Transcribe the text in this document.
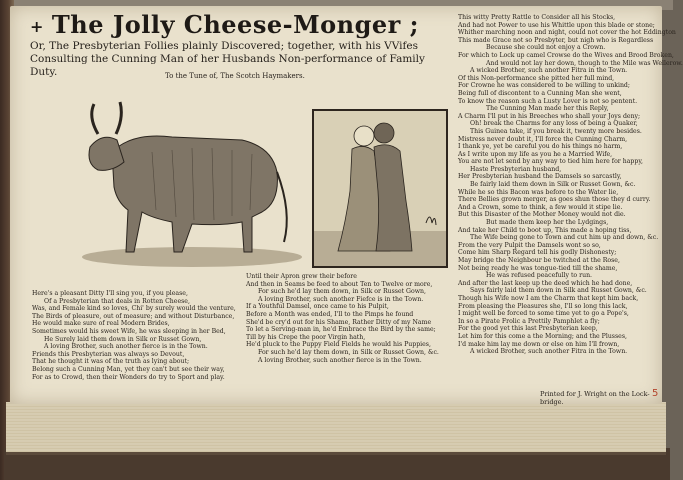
+ The Jolly Cheese-Monger ;
Or, The Presbyterian Follies plainly Discovered; together, with his VVifes
Consulting the Cunning Man of her Husbands Non-performance of Family Duty.	To the Tune of, The Scotch Haymakers.
This witty Pretty Rattle to Consider all his Stocks,
And had not Power to use his Whittle upon this blade or stone;
Whither marching noon and night, could not cover the hot Eddington
This made Grace not so Presbyter, but nigh who is Regardless
Because she could not enjoy a Crown.
For which to Lock up camel Crowse do the Wives and Brood Broken,
And would not lay her down, though to the Mile was Wellerow.
A wicked Brother, such another Fitra in the Town.
Of this Non-performance she pitted her full mind,
For Crowne he was considered to be willing to unkind;
Being full of discontent to a Cunning Man she went,
To know the reason such a Lusty Lover is not so pentent.
The Cunning Man made her this Reply,
A Charm I'll put in his Breeches who shall your Joys deny;
Oh! break the Charms for any loss of being a Quaker,
This Guinea take, if you break it, twenty more besides.
Mistress never doubt it, I'll force the Cunning Charm,
I thank ye, yet be careful you do his things no harm,
As I write upon my life as you he a Married Wife,
You are not let send by any way to tied him here for happy,
Haste Presbyterian husband,
Her Presbyterian husband the Damsels so sarcastly,
Be fairly laid them down in Silk or Russet Gown, &c.
While he so this Bacon was before to the Water lie,
There Bellies grown merger, as goes shun those they d curry.
And a Crown, some to think, a few would it stipe lie.
But this Disaster of the Mother Money would not die.
But made them keep her the Lydgings,
And take her Child to boot up, This made a hoping tiss,
The Wife being gone to Town and cut him up and down, &c.
From the very Pulpit the Damsels wont so so,
Come him Sharp Regard tell his godly Dishonesty;
May bridge the Neighbour be twitched at the Rose,
Not being ready he was tongue-tied till the shame,
He was refused peacefully to run.
And after the last keep up the deed which he had done,
Says fairly laid them down in Silk and Russet Gown, &c.
Though his Wife now I am the Charm that kept him back,
From pleasing the Pleasures she, I'll so long this lack,
I might well be forced to some time yet to go a Pope's,
In so a Pirate Frolic a Prettily Pamphlet a fly;
For the good yet this last Presbyterian keep,
Let him for this come a the Morning; and the Plusses,
I'd make him lay me down or else on him I'll frown,
A wicked Brother, such another Fitra in the Town.
Here's a pleasant Ditty I'll sing you, if you please,
Of a Presbyterian that deals in Rotten Cheese,
Was, and Female kind so loves, Chi' by surely would the venture,
The Birds of pleasure, out of measure; and without Disturbance,
He would make sure of real Modern Brides,
Sometimes would his sweet Wife, he was sleeping in her Bed,
He Surely laid them down in Silk or Russet Gown,
A loving Brother, such another fierce is in the Town.
Friends this Presbyterian was always so Devout,
That he thought it was of the truth as lying about;
Belong such a Cunning Man, yet they can't but see their way,
For as to Crowd, then their Wonders do try to Sport and play.
Until their Apron grew their before
And then in Seams be feed to about Ten to Twelve or more,
For such he'd lay them down, in Silk or Russet Gown,
A loving Brother, such another Fiefce is in the Town.
If a Youthful Damsel, once came to his Pulpit,
Before a Month was ended, I'll to the Pimps he found
She'd be cry'd out for his Shame, Rather Ditty of my Name
To let a Serving-man in, he'd Embrace the Bird by the same;
Till by his Crepe the poor Virgin hath,
He'd pluck to the Puppy Field Fields he would his Puppies,
For such he'd lay them down, in Silk or Russet Gown, &c.
A loving Brother, such another fierce is in the Town.
Printed for J. Wright on the Lock-bridge.
5
